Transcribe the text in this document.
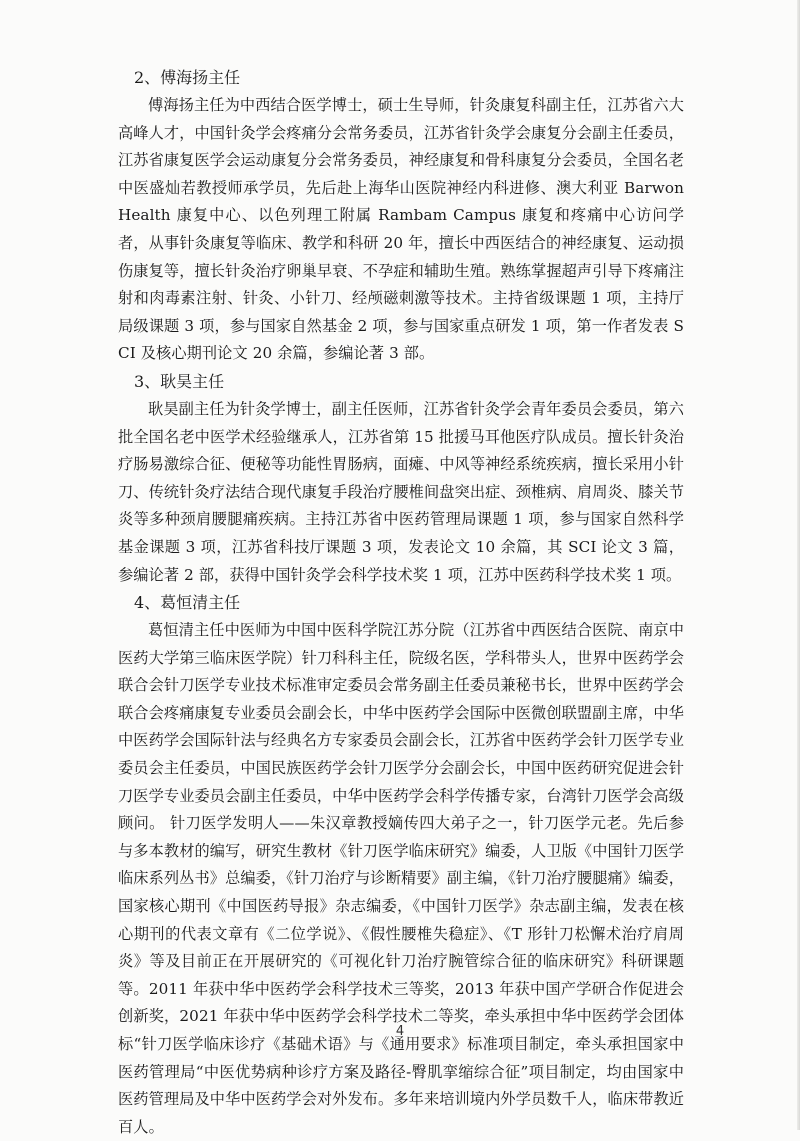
2、傅海扬主任

傅海扬主任为中西结合医学博士，硕士生导师，针灸康复科副主任，江苏省六大高峰人才，中国针灸学会疼痛分会常务委员，江苏省针灸学会康复分会副主任委员，江苏省康复医学会运动康复分会常务委员，神经康复和骨科康复分会委员，全国名老中医盛灿若教授师承学员，先后赴上海华山医院神经内科进修、澳大利亚 Barwon Health 康复中心、以色列理工附属 Rambam Campus 康复和疼痛中心访问学者，从事针灸康复等临床、教学和科研 20 年，擅长中西医结合的神经康复、运动损伤康复等，擅长针灸治疗卵巢早衰、不孕症和辅助生殖。熟练掌握超声引导下疼痛注射和肉毒素注射、针灸、小针刀、经颅磁刺激等技术。主持省级课题 1 项，主持厅局级课题 3 项，参与国家自然基金 2 项，参与国家重点研发 1 项，第一作者发表 SCI 及核心期刊论文 20 余篇，参编论著 3 部。

3、耿昊主任

耿昊副主任为针灸学博士，副主任医师，江苏省针灸学会青年委员会委员，第六批全国名老中医学术经验继承人，江苏省第 15 批援马耳他医疗队成员。擅长针灸治疗肠易激综合征、便秘等功能性胃肠病，面瘫、中风等神经系统疾病，擅长采用小针刀、传统针灸疗法结合现代康复手段治疗腰椎间盘突出症、颈椎病、肩周炎、膝关节炎等多种颈肩腰腿痛疾病。主持江苏省中医药管理局课题 1 项，参与国家自然科学基金课题 3 项，江苏省科技厅课题 3 项，发表论文 10 余篇，其 SCI 论文 3 篇，参编论著 2 部，获得中国针灸学会科学技术奖 1 项，江苏中医药科学技术奖 1 项。

4、葛恒清主任

葛恒清主任中医师为中国中医科学院江苏分院（江苏省中西医结合医院、南京中医药大学第三临床医学院）针刀科科主任，院级名医，学科带头人，世界中医药学会联合会针刀医学专业技术标准审定委员会常务副主任委员兼秘书长，世界中医药学会联合会疼痛康复专业委员会副会长，中华中医药学会国际中医微创联盟副主席，中华中医药学会国际针法与经典名方专家委员会副会长，江苏省中医药学会针刀医学专业委员会主任委员，中国民族医药学会针刀医学分会副会长，中国中医药研究促进会针刀医学专业委员会副主任委员，中华中医药学会科学传播专家，台湾针刀医学会高级顾问。 针刀医学发明人——朱汉章教授嫡传四大弟子之一，针刀医学元老。先后参与多本教材的编写，研究生教材《针刀医学临床研究》编委，人卫版《中国针刀医学临床系列丛书》总编委，《针刀治疗与诊断精要》副主编，《针刀治疗腰腿痛》编委，国家核心期刊《中国医药导报》杂志编委，《中国针刀医学》杂志副主编，发表在核心期刊的代表文章有《二位学说》、《假性腰椎失稳症》、《T 形针刀松懈术治疗肩周炎》等及目前正在开展研究的《可视化针刀治疗腕管综合征的临床研究》科研课题等。2011 年获中华中医药学会科学技术三等奖，2013 年获中国产学研合作促进会创新奖，2021 年获中华中医药学会科学技术二等奖，牵头承担中华中医药学会团体标“针刀医学临床诊疗《基础术语》与《通用要求》标准项目制定，牵头承担国家中医药管理局“中医优势病种诊疗方案及路径-臀肌挛缩综合征”项目制定，均由国家中医药管理局及中华中医药学会对外发布。多年来培训境内外学员数千人，临床带教近百人。

4
